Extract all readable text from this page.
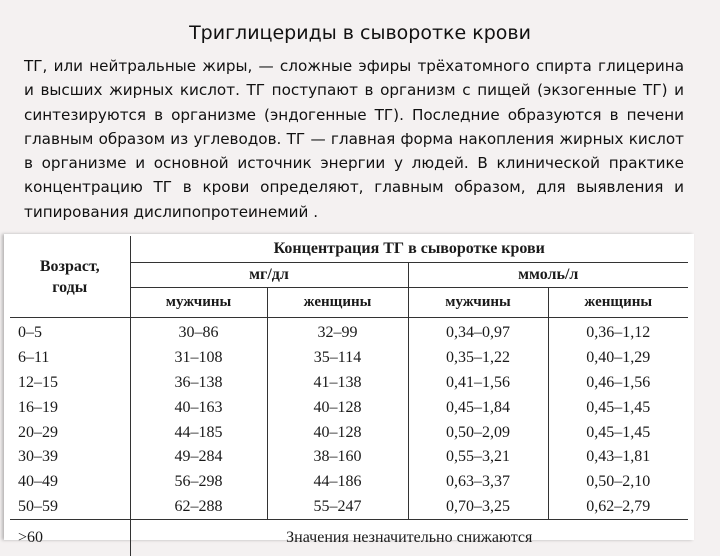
Триглицериды в сыворотке крови
ТГ, или нейтральные жиры, — сложные эфиры трёхатомного спирта глицерина и высших жирных кислот. ТГ поступают в организм с пищей (экзогенные ТГ) и синтезируются в организме (эндогенные ТГ). Последние образуются в печени главным образом из углеводов. ТГ — главная форма накопления жирных кислот в организме и основной источник энергии у людей. В клинической практике концентрацию ТГ в крови определяют, главным образом, для выявления и типирования дислипопротеинемий .
Возраст,
годы	Концентрация ТГ в сыворотке крови			
	мг/дл		ммоль/л	
	мужчины	женщины	мужчины	женщины
0–5	30–86	32–99	0,34–0,97	0,36–1,12
6–11	31–108	35–114	0,35–1,22	0,40–1,29
12–15	36–138	41–138	0,41–1,56	0,46–1,56
16–19	40–163	40–128	0,45–1,84	0,45–1,45
20–29	44–185	40–128	0,50–2,09	0,45–1,45
30–39	49–284	38–160	0,55–3,21	0,43–1,81
40–49	56–298	44–186	0,63–3,37	0,50–2,10
50–59	62–288	55–247	0,70–3,25	0,62–2,79
>60	Значения незначительно снижаются			
